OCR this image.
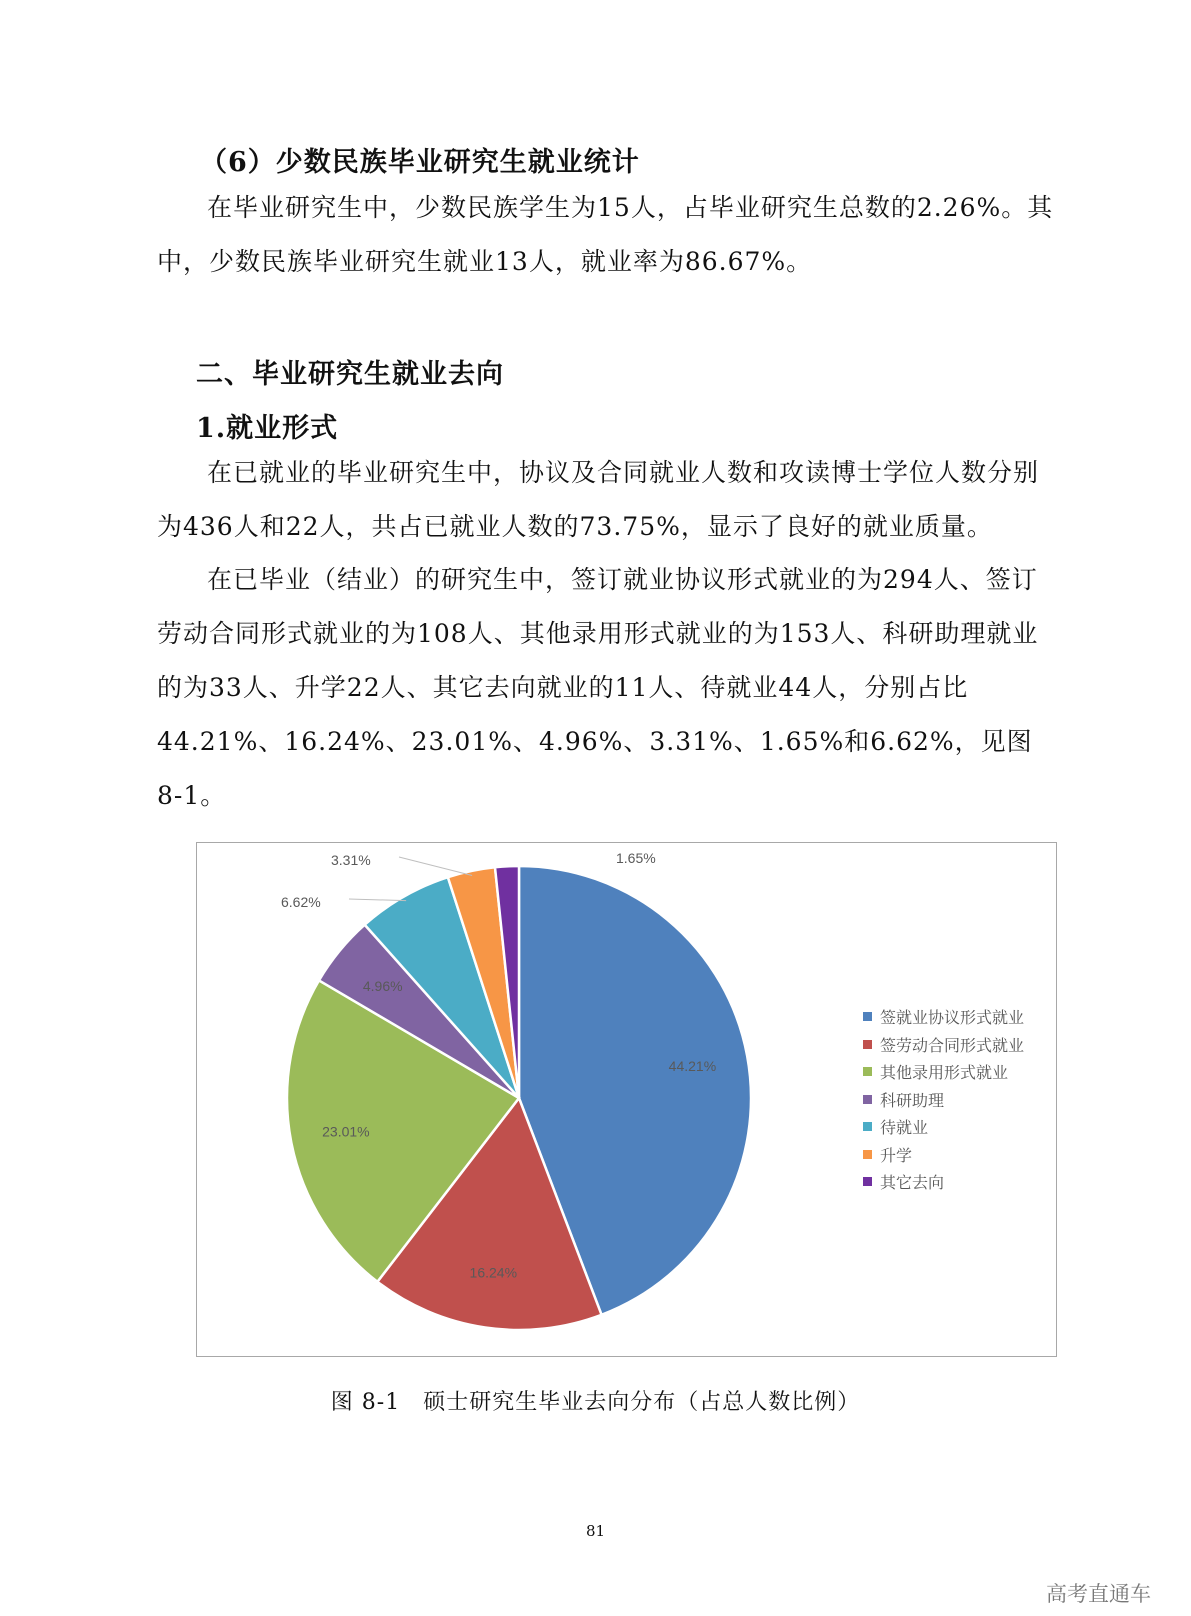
（6）少数民族毕业研究生就业统计
在毕业研究生中，少数民族学生为15人，占毕业研究生总数的2.26%。其中，少数民族毕业研究生就业13人，就业率为86.67%。
二、毕业研究生就业去向
1.就业形式
在已就业的毕业研究生中，协议及合同就业人数和攻读博士学位人数分别为436人和22人，共占已就业人数的73.75%，显示了良好的就业质量。
在已毕业（结业）的研究生中，签订就业协议形式就业的为294人、签订劳动合同形式就业的为108人、其他录用形式就业的为153人、科研助理就业的为33人、升学22人、其它去向就业的11人、待就业44人，分别占比44.21%、16.24%、23.01%、4.96%、3.31%、1.65%和6.62%，见图8-1。
44.21%
16.24%
23.01%
4.96%
6.62%
3.31%	1.65%
签就业协议形式就业
签劳动合同形式就业
其他录用形式就业
科研助理
待就业
升学
其它去向
图 8-1　硕士研究生毕业去向分布（占总人数比例）
81
高考直通车
